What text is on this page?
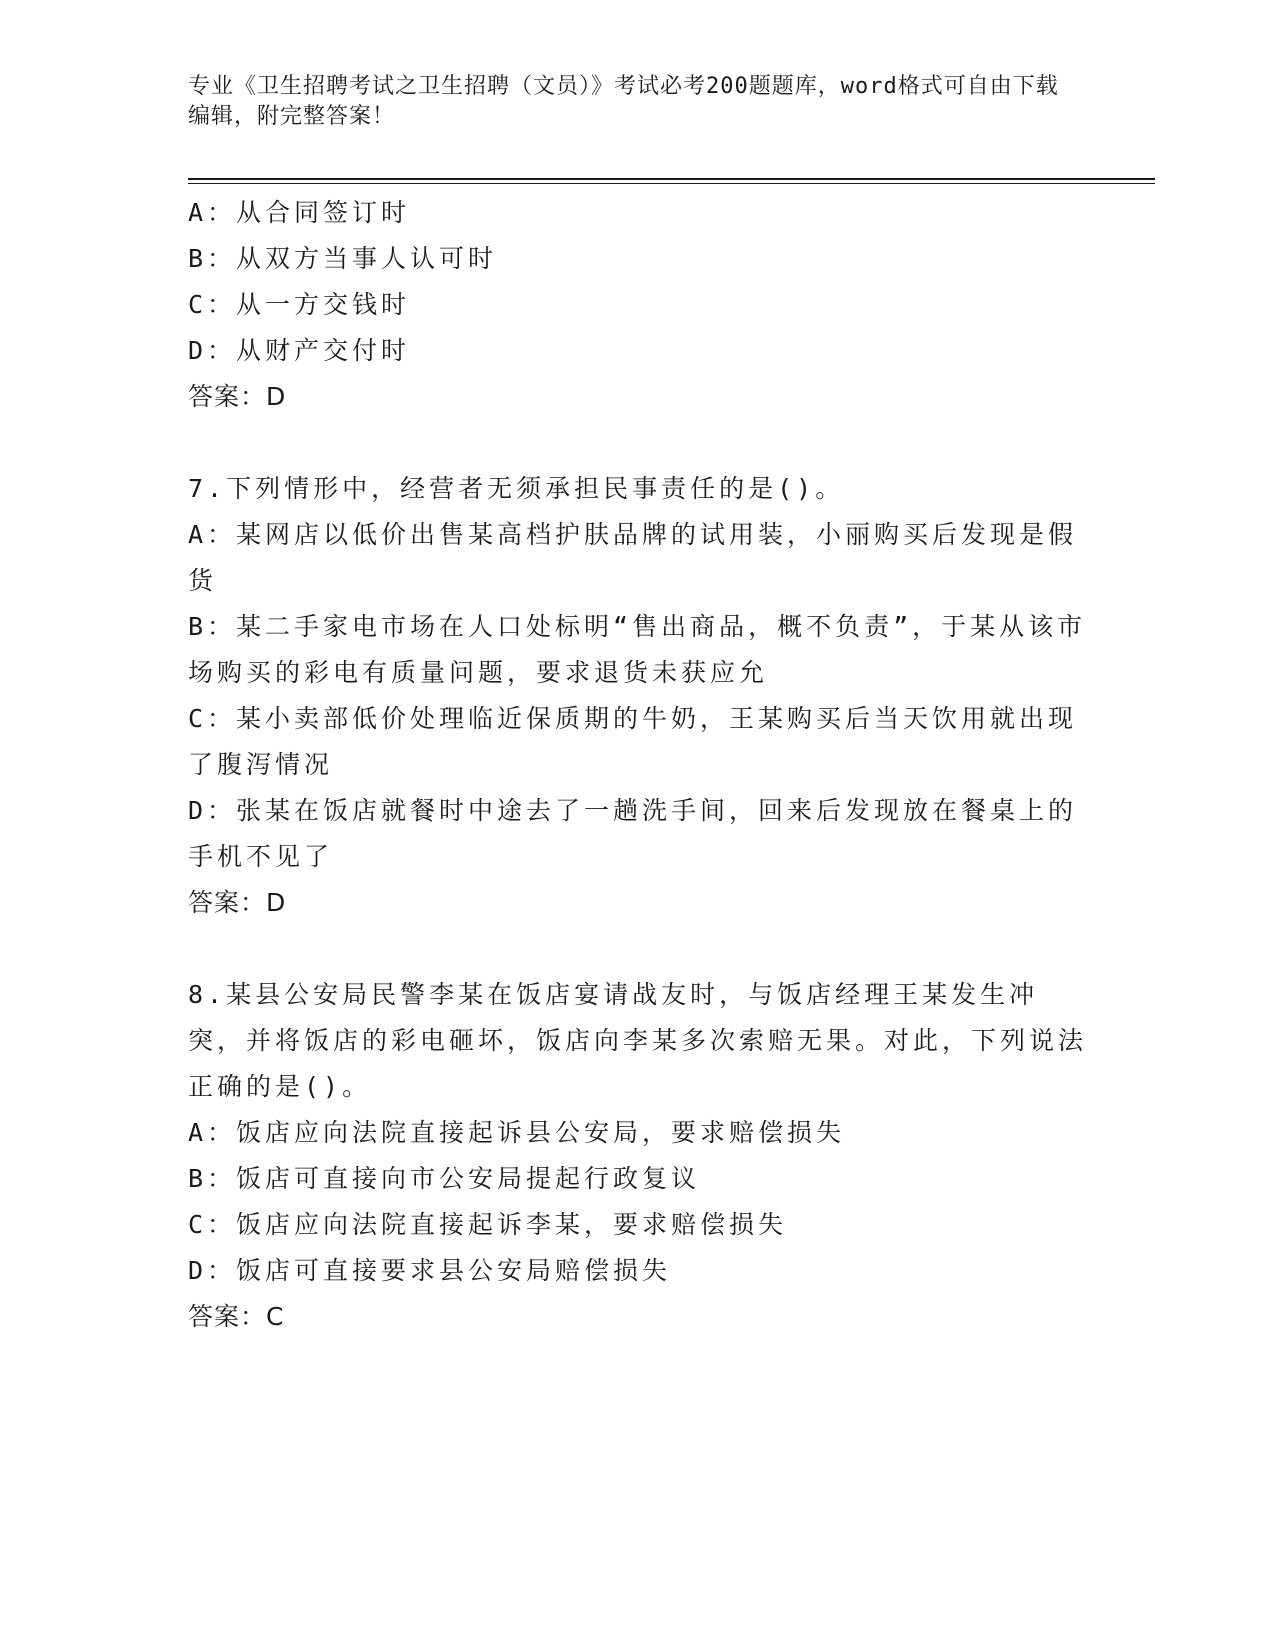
专业《卫生招聘考试之卫生招聘（文员）》考试必考200题题库，word格式可自由下载编辑，附完整答案！
A：从合同签订时
B：从双方当事人认可时
C：从一方交钱时
D：从财产交付时
答案：D
7.下列情形中，经营者无须承担民事责任的是()。
A：某网店以低价出售某高档护肤品牌的试用装，小丽购买后发现是假货
B：某二手家电市场在人口处标明“售出商品，概不负责”，于某从该市场购买的彩电有质量问题，要求退货未获应允
C：某小卖部低价处理临近保质期的牛奶，王某购买后当天饮用就出现了腹泻情况
D：张某在饭店就餐时中途去了一趟洗手间，回来后发现放在餐桌上的手机不见了
答案：D
8.某县公安局民警李某在饭店宴请战友时，与饭店经理王某发生冲突，并将饭店的彩电砸坏，饭店向李某多次索赔无果。对此，下列说法正确的是()。
A：饭店应向法院直接起诉县公安局，要求赔偿损失
B：饭店可直接向市公安局提起行政复议
C：饭店应向法院直接起诉李某，要求赔偿损失
D：饭店可直接要求县公安局赔偿损失
答案：C
